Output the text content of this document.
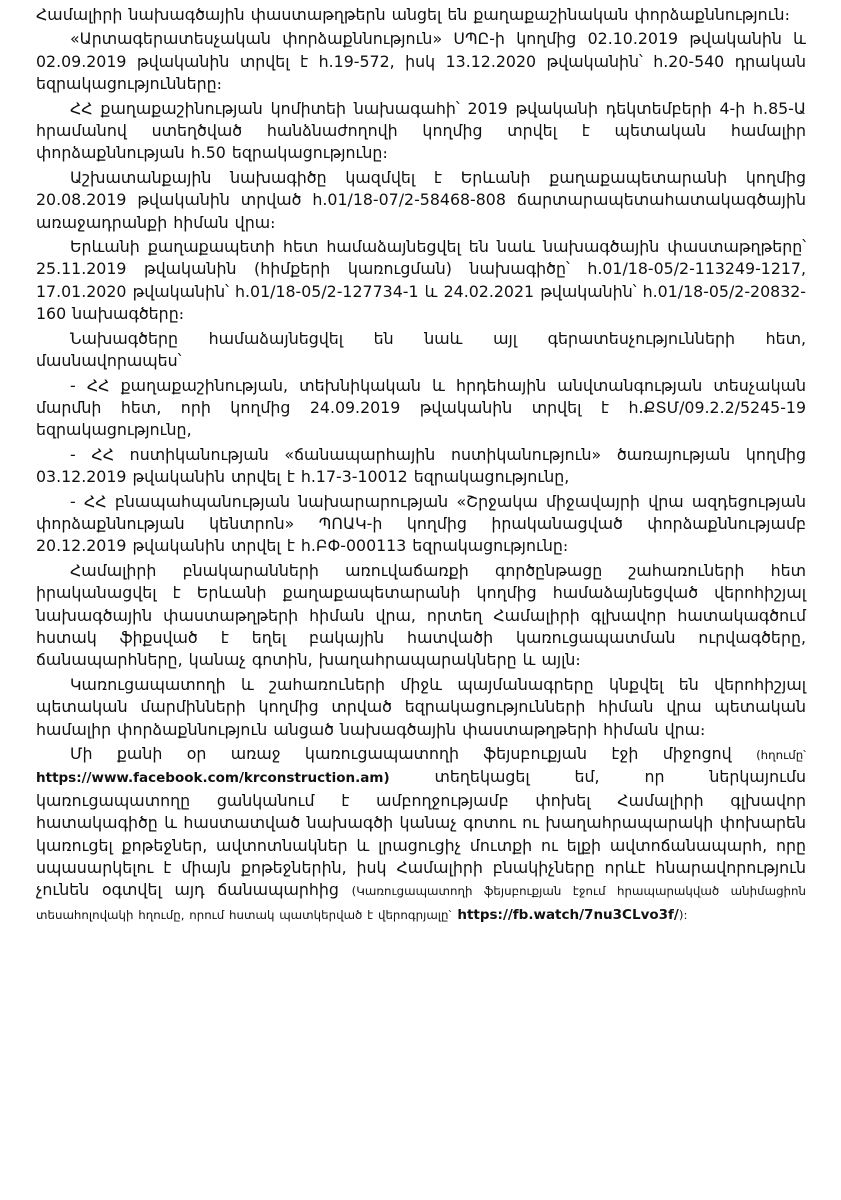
Համալիրի նախագծային փաստաթղթերն անցել են քաղաքաշինական փորձաքննություն։

«Արտագերատեսչական փորձաքննություն» ՍՊԸ-ի կողմից 02.10.2019 թվականին և 02.09.2019 թվականին տրվել է հ.19-572, իսկ 13.12.2020 թվականին՝ հ.20-540 դրական եզրակացությունները։

ՀՀ քաղաքաշինության կոմիտեի նախագահի՝ 2019 թվականի դեկտեմբերի 4-ի հ.85-Ա հրամանով ստեղծված հանձնաժողովի կողմից տրվել է պետական համալիր փորձաքննության հ.50 եզրակացությունը։

Աշխատանքային նախագիծը կազմվել է Երևանի քաղաքապետարանի կողմից 20.08.2019 թվականին տրված հ.01/18-07/2-58468-808 ճարտարապետահատակագծային առաջադրանքի հիման վրա։

Երևանի քաղաքապետի հետ համաձայնեցվել են նաև նախագծային փաստաթղթերը՝ 25.11.2019 թվականին (հիմքերի կառուցման) նախագիծը՝ հ.01/18-05/2-113249-1217, 17.01.2020 թվականին՝ հ.01/18-05/2-127734-1 և 24.02.2021 թվականին՝ հ.01/18-05/2-20832-160 նախագծերը։

Նախագծերը համաձայնեցվել են նաև այլ գերատեսչությունների հետ, մասնավորապես՝

- ՀՀ քաղաքաշինության, տեխնիկական և հրդեհային անվտանգության տեսչական մարմնի հետ, որի կողմից 24.09.2019 թվականին տրվել է հ.ՔՏՄ/09.2.2/5245-19 եզրակացությունը,

- ՀՀ ոստիկանության «ճանապարհային ոստիկանություն» ծառայության կողմից 03.12.2019 թվականին տրվել է հ.17-3-10012 եզրակացությունը,

- ՀՀ բնապահպանության նախարարության «Շրջակա միջավայրի վրա ազդեցության փորձաքննության կենտրոն» ՊՈԱԿ-ի կողմից իրականացված փորձաքննությամբ 20.12.2019 թվականին տրվել է հ.ԲՓ-000113 եզրակացությունը։

Համալիրի բնակարանների առուվաճառքի գործընթացը շահառուների հետ իրականացվել է Երևանի քաղաքապետարանի կողմից համաձայնեցված վերոհիշյալ նախագծային փաստաթղթերի հիման վրա, որտեղ Համալիրի գլխավոր հատակագծում հստակ ֆիքսված է եղել բակային հատվածի կառուցապատման ուրվագծերը, ճանապարհները, կանաչ գոտին, խաղահրապարակները և այլն։

Կառուցապատողի և շահառուների միջև պայմանագրերը կնքվել են վերոհիշյալ պետական մարմինների կողմից տրված եզրակացությունների հիման վրա պետական համալիր փորձաքննություն անցած նախագծային փաստաթղթերի հիման վրա։

Մի քանի օր առաջ կառուցապատողի ֆեյսբուքյան էջի միջոցով (հղումը՝ https://www.facebook.com/krconstruction.am)	տեղեկացել եմ, որ ներկայումս կառուցապատողը ցանկանում է ամբողջությամբ փոխել Համալիրի գլխավոր հատակագիծը և հաստատված նախագծի կանաչ գոտու ու խաղահրապարակի փոխարեն կառուցել քոթեջներ, ավտոտնակներ և լրացուցիչ մուտքի ու ելքի ավտոճանապարհ, որը սպասարկելու է միայն քոթեջներին, իսկ Համալիրի բնակիչները որևէ հնարավորություն չունեն օգտվել այդ ճանապարհից (Կառուցապատողի ֆեյսբուքյան էջում հրապարակված անիմացիոն տեսահոլովակի հղումը, որում հստակ պատկերված է վերոգրյալը՝ https://fb.watch/7nu3CLvo3f/):
